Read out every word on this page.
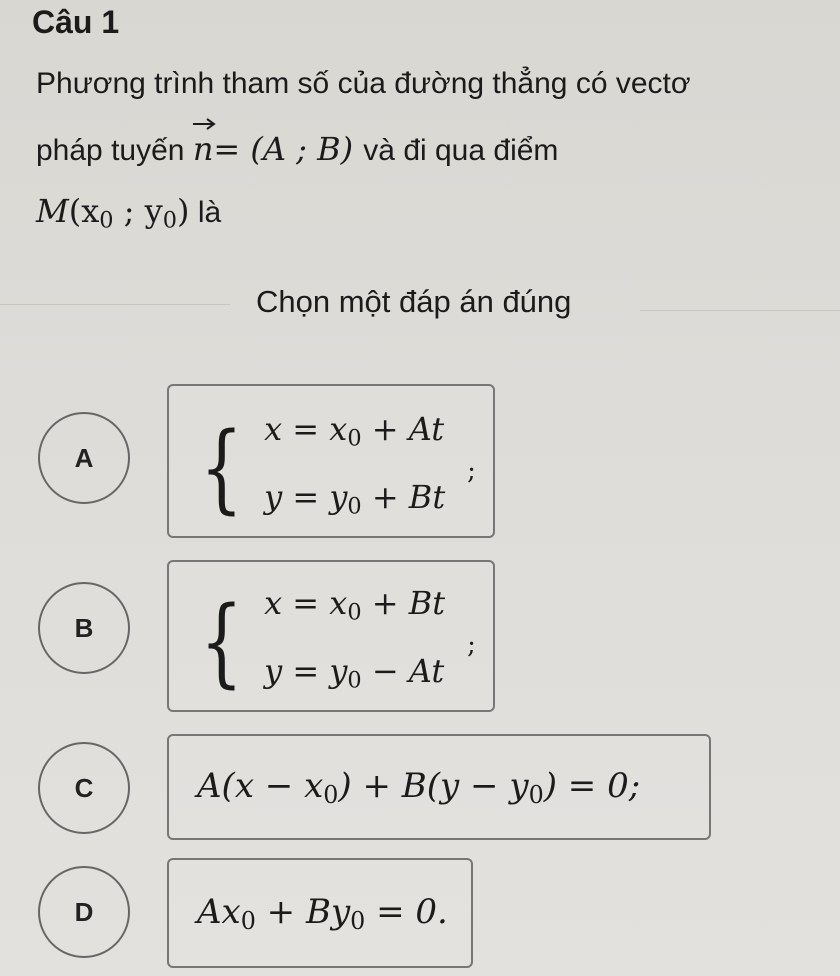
Câu 1
Phương trình tham số của đường thẳng có vectơ
pháp tuyến n= (A ; B) và đi qua điểm
$M(x_0$ ; $y_0$) là
Chọn một đáp án đúng
A	{ $x = x_0 + At$
$y = y_0 + Bt$
;
B	{ $x = x_0 + Bt$
$y = y_0 - At$
;
C	$A(x - x_0) + B(y - y_0) = 0$;
D	$Ax_0 + By_0 = 0$.
